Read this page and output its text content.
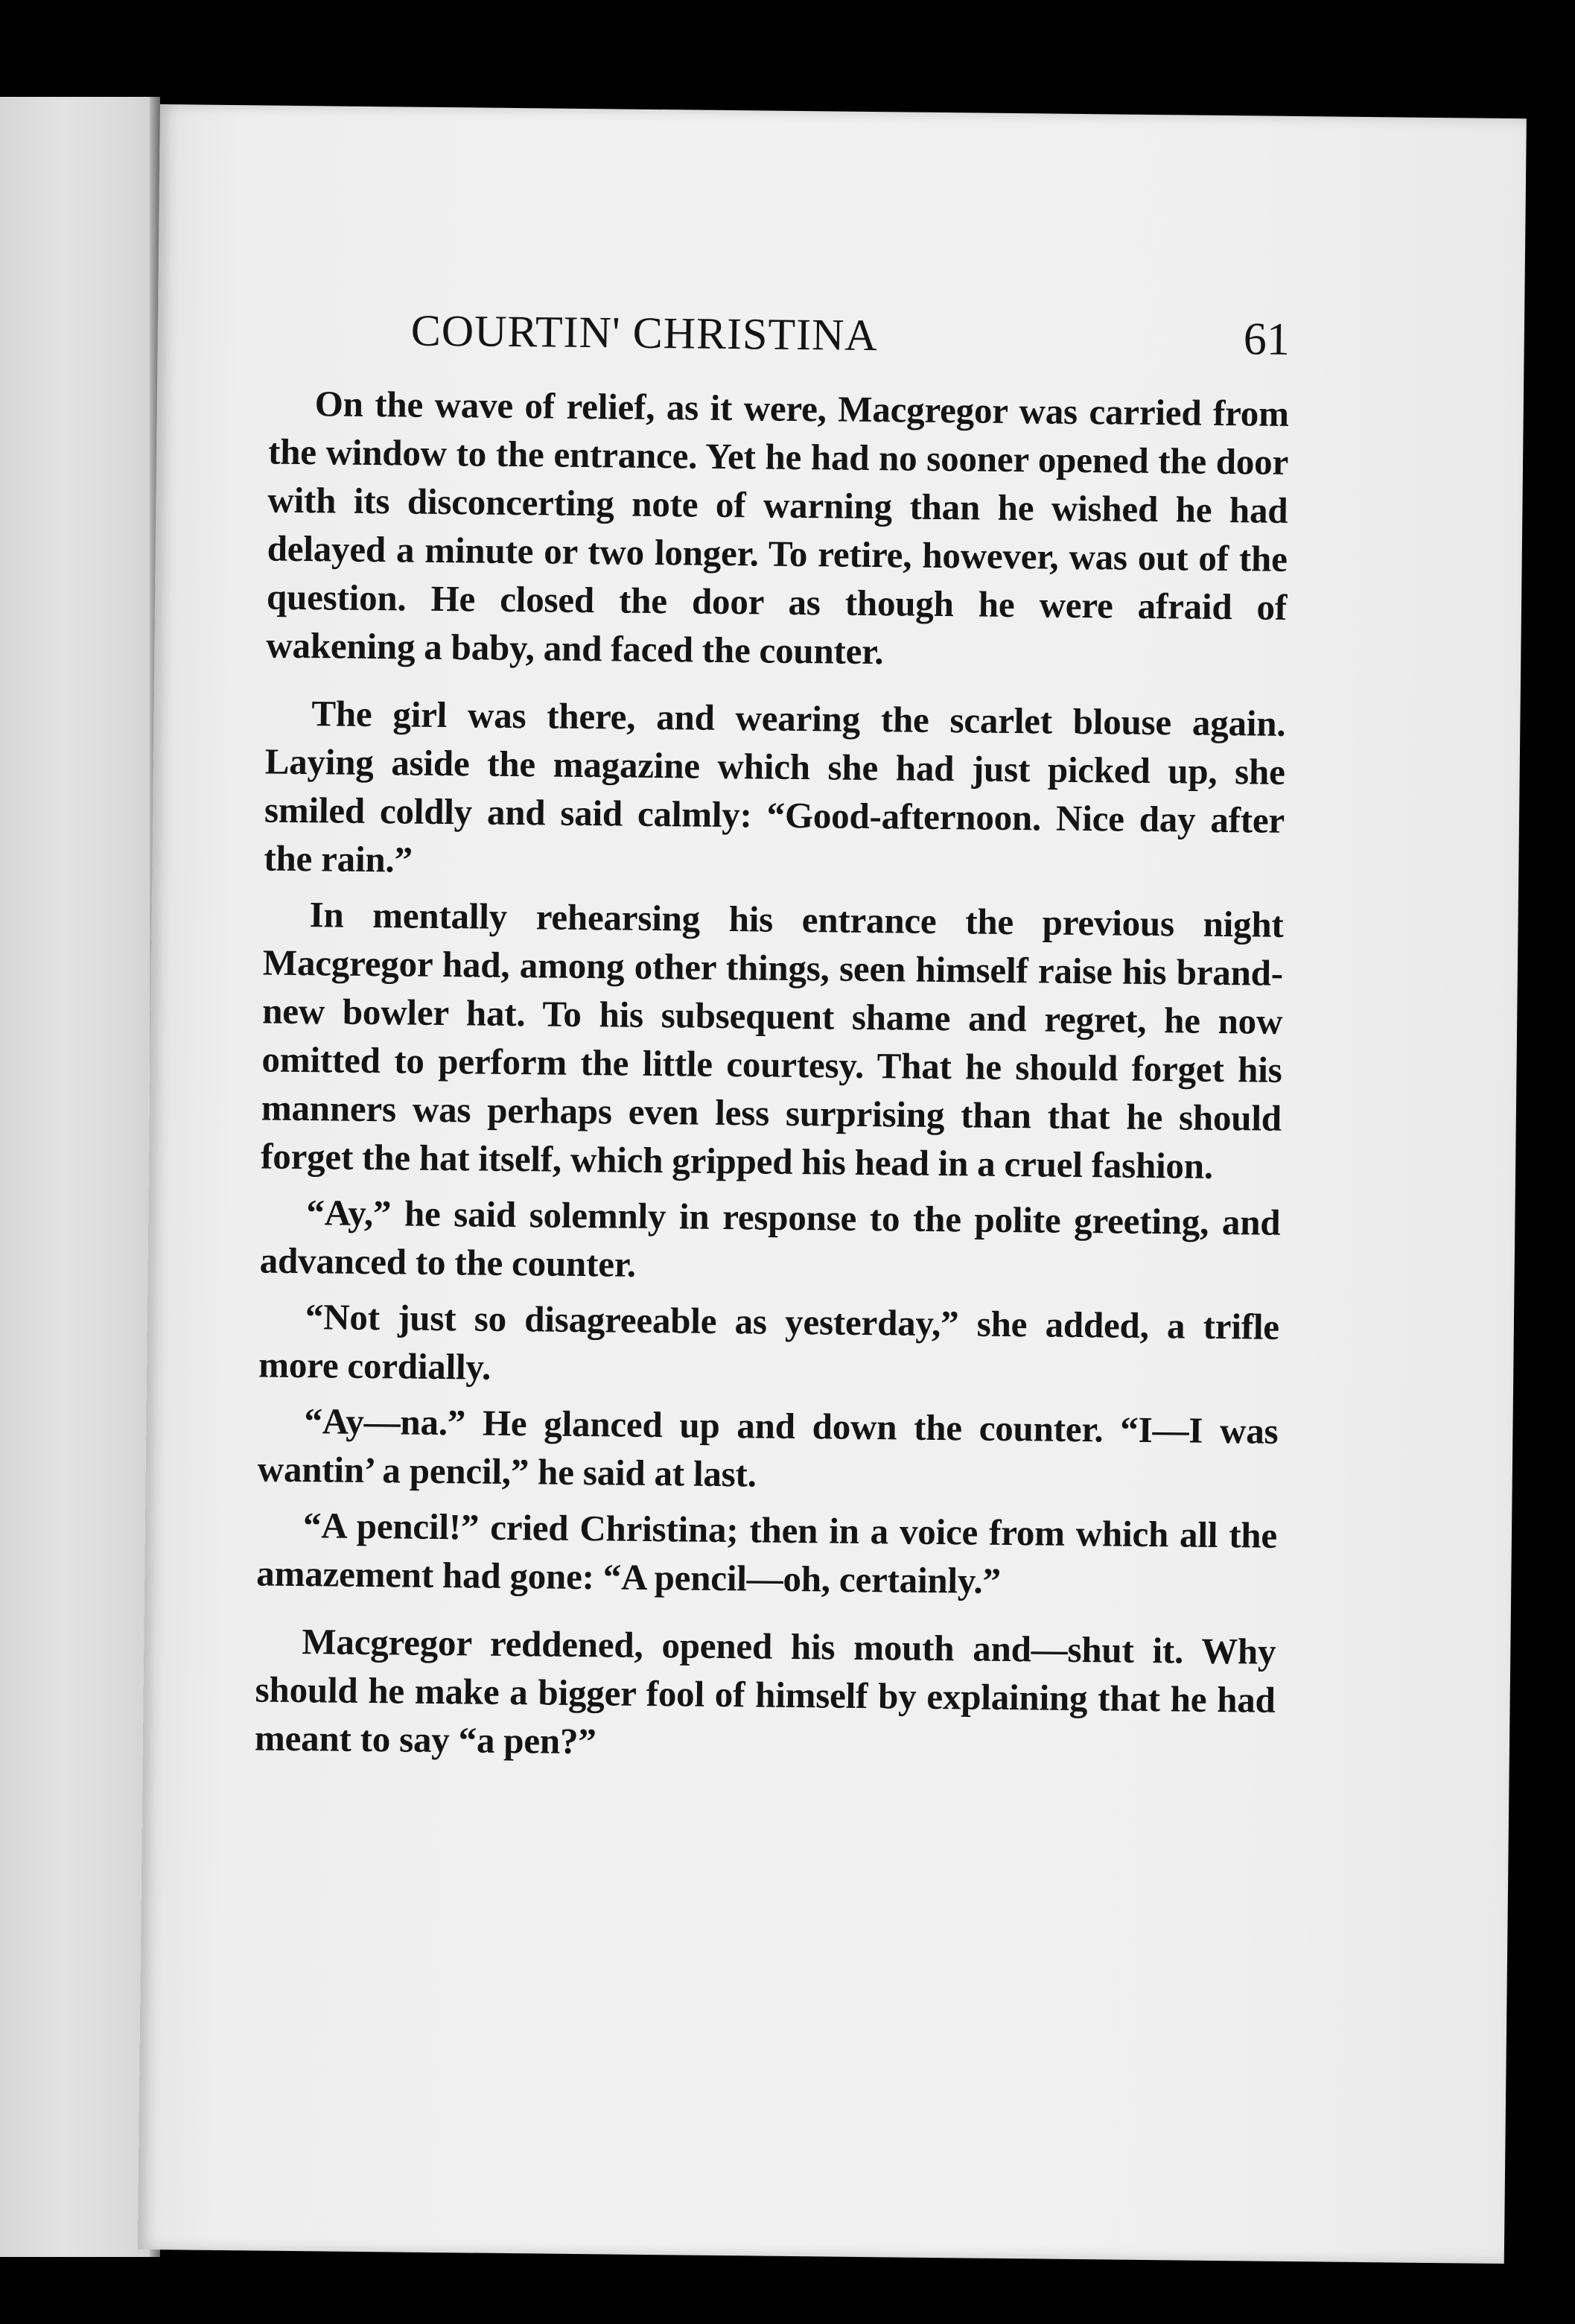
COURTIN' CHRISTINA	61

On the wave of relief, as it were, Macgregor was carried from the window to the entrance. Yet he had no sooner opened the door with its disconcerting note of warning than he wished he had delayed a minute or two longer. To retire, however, was out of the question. He closed the door as though he were afraid of wakening a baby, and faced the counter.

The girl was there, and wearing the scarlet blouse again. Laying aside the magazine which she had just picked up, she smiled coldly and said calmly: “Good-afternoon. Nice day after the rain.”

In mentally rehearsing his entrance the previous night Macgregor had, among other things, seen himself raise his brand-new bowler hat. To his subsequent shame and regret, he now omitted to perform the little courtesy. That he should forget his manners was perhaps even less surprising than that he should forget the hat itself, which gripped his head in a cruel fashion.

“Ay,” he said solemnly in response to the polite greeting, and advanced to the counter.

“Not just so disagreeable as yesterday,” she added, a trifle more cordially.

“Ay—na.” He glanced up and down the counter. “I—I was wantin’ a pencil,” he said at last.

“A pencil!” cried Christina; then in a voice from which all the amazement had gone: “A pencil—oh, certainly.”

Macgregor reddened, opened his mouth and—shut it. Why should he make a bigger fool of himself by explaining that he had meant to say “a pen?”
